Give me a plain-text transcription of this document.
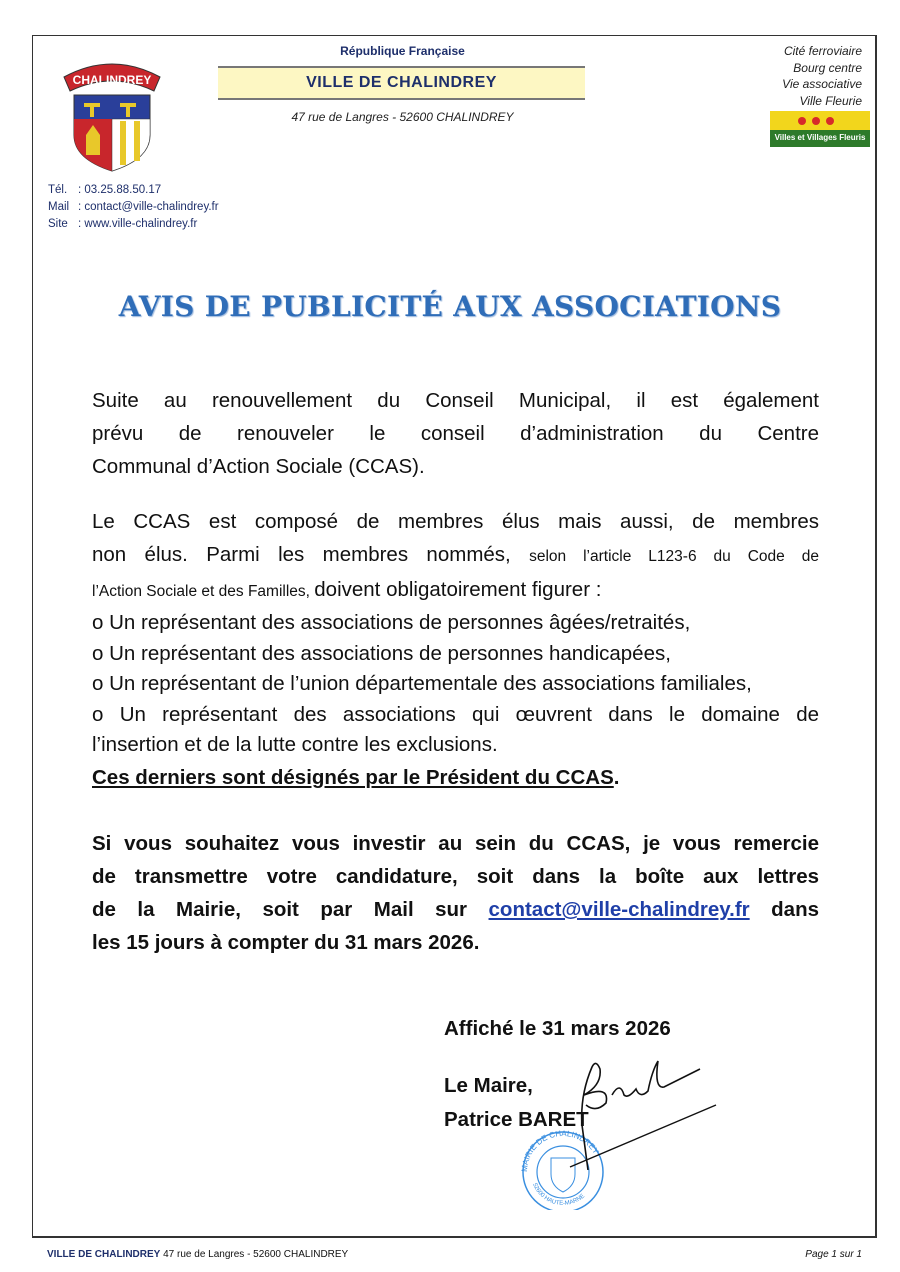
CHALINDREY
République Française
VILLE DE CHALINDREY
47 rue de Langres - 52600 CHALINDREY
Cité ferroviaire
Bourg centre
Vie associative
Ville Fleurie
Villes et Villages Fleuris
Tél. : 03.25.88.50.17
Mail : contact@ville-chalindrey.fr
Site : www.ville-chalindrey.fr
AVIS DE PUBLICITÉ AUX ASSOCIATIONS
Suite au renouvellement du Conseil Municipal, il est également
prévu de renouveler le conseil d’administration du Centre
Communal d’Action Sociale (CCAS).
Le CCAS est composé de membres élus mais aussi, de membres
non élus. Parmi les membres nommés, selon l’article L123-6 du Code de
l’Action Sociale et des Familles, doivent obligatoirement figurer :
o Un représentant des associations de personnes âgées/retraités,
o Un représentant des associations de personnes handicapées,
o Un représentant de l’union départementale des associations familiales,
o Un représentant des associations qui œuvrent dans le domaine de
l’insertion et de la lutte contre les exclusions.
Ces derniers sont désignés par le Président du CCAS.
Si vous souhaitez vous investir au sein du CCAS, je vous remercie
de transmettre votre candidature, soit dans la boîte aux lettres
de la Mairie, soit par Mail sur contact@ville-chalindrey.fr dans
les 15 jours à compter du 31 mars 2026.
Affiché le 31 mars 2026
Le Maire,
Patrice BARET
MAIRIE DE CHALINDREY
52600 HAUTE-MARNE
VILLE DE CHALINDREY 47 rue de Langres - 52600 CHALINDREY	Page 1 sur 1
